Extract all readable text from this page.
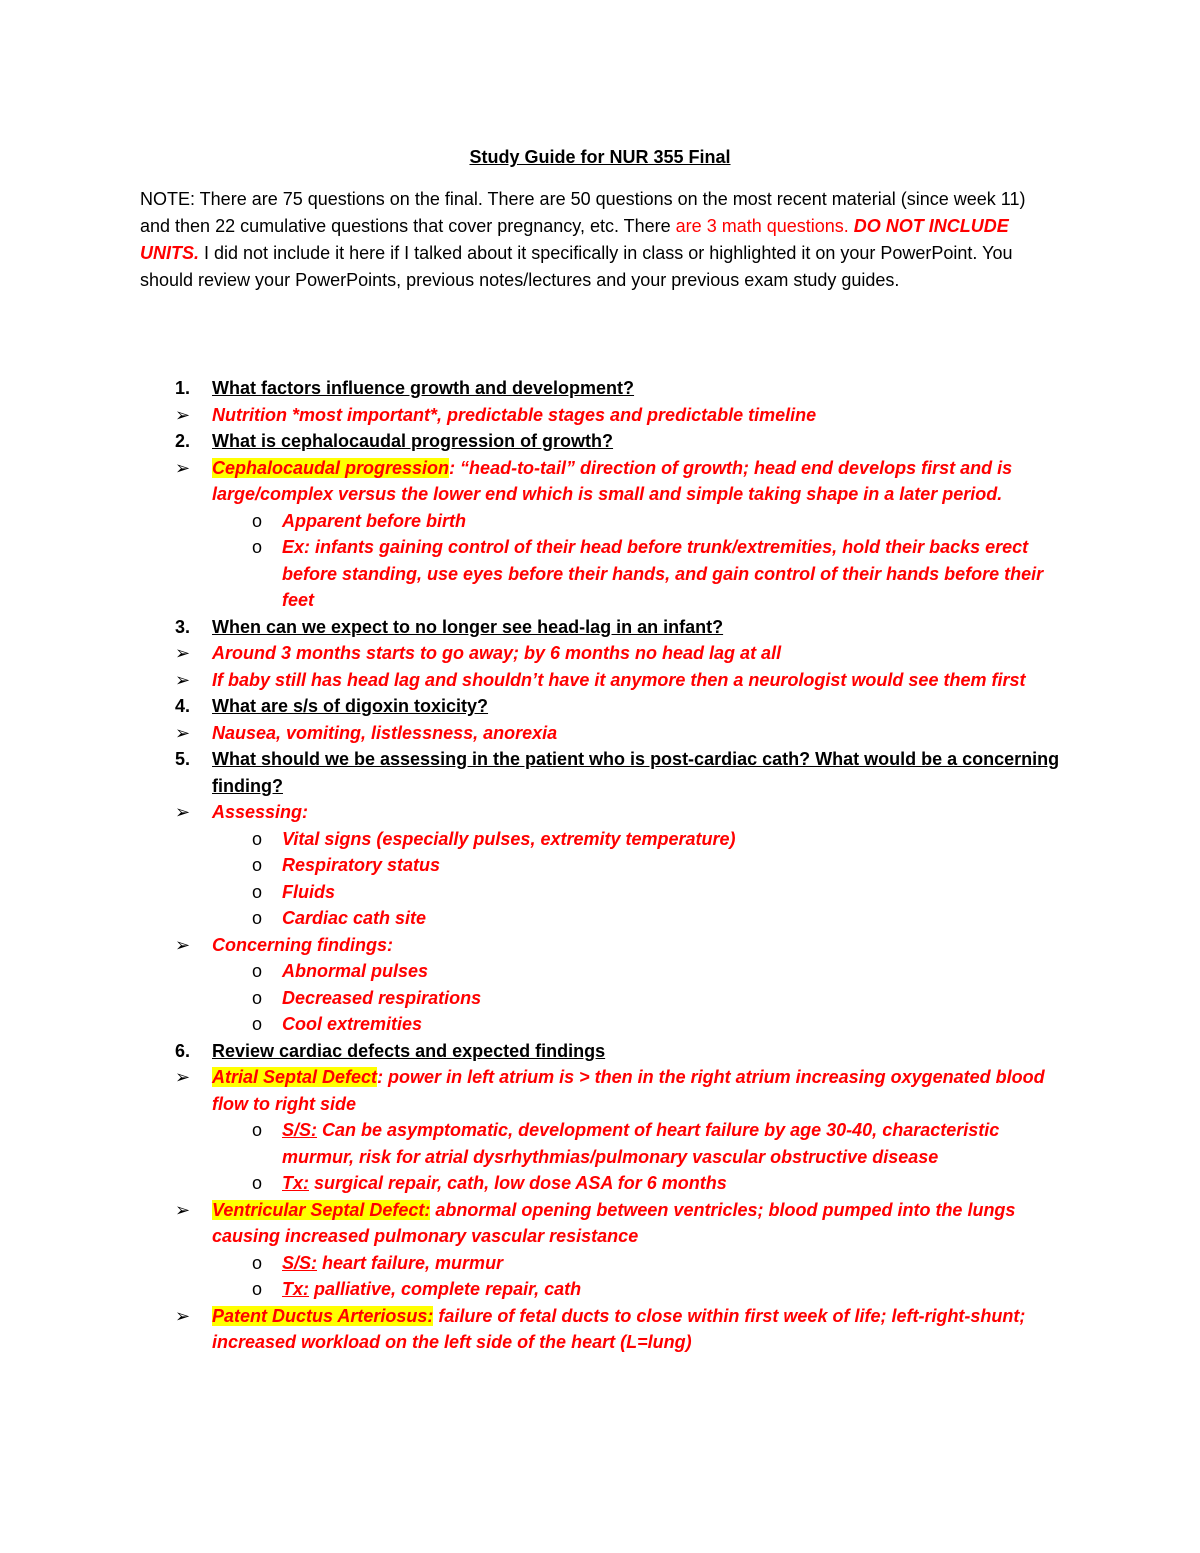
Study Guide for NUR 355 Final
NOTE: There are 75 questions on the final. There are 50 questions on the most recent material (since week 11) and then 22 cumulative questions that cover pregnancy, etc. There are 3 math questions. DO NOT INCLUDE UNITS. I did not include it here if I talked about it specifically in class or highlighted it on your PowerPoint. You should review your PowerPoints, previous notes/lectures and your previous exam study guides.
1. What factors influence growth and development?
➢ Nutrition *most important*, predictable stages and predictable timeline
2. What is cephalocaudal progression of growth?
➢ Cephalocaudal progression: “head-to-tail” direction of growth; head end develops first and is large/complex versus the lower end which is small and simple taking shape in a later period.
o Apparent before birth
o Ex: infants gaining control of their head before trunk/extremities, hold their backs erect before standing, use eyes before their hands, and gain control of their hands before their feet
3. When can we expect to no longer see head-lag in an infant?
➢ Around 3 months starts to go away; by 6 months no head lag at all
➢ If baby still has head lag and shouldn’t have it anymore then a neurologist would see them first
4. What are s/s of digoxin toxicity?
➢ Nausea, vomiting, listlessness, anorexia
5. What should we be assessing in the patient who is post-cardiac cath? What would be a concerning finding?
➢ Assessing:
o Vital signs (especially pulses, extremity temperature)
o Respiratory status
o Fluids
o Cardiac cath site
➢ Concerning findings:
o Abnormal pulses
o Decreased respirations
o Cool extremities
6. Review cardiac defects and expected findings
➢ Atrial Septal Defect: power in left atrium is > then in the right atrium increasing oxygenated blood flow to right side
o S/S: Can be asymptomatic, development of heart failure by age 30-40, characteristic murmur, risk for atrial dysrhythmias/pulmonary vascular obstructive disease
o Tx: surgical repair, cath, low dose ASA for 6 months
➢ Ventricular Septal Defect: abnormal opening between ventricles; blood pumped into the lungs causing increased pulmonary vascular resistance
o S/S: heart failure, murmur
o Tx: palliative, complete repair, cath
➢ Patent Ductus Arteriosus: failure of fetal ducts to close within first week of life; left-right-shunt; increased workload on the left side of the heart (L=lung)
